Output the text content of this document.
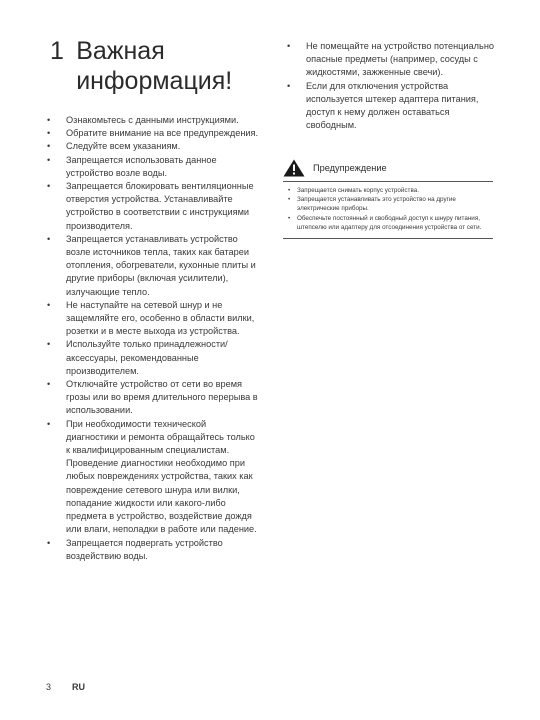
1 Важная информация!
• Ознакомьтесь с данными инструкциями.
• Обратите внимание на все предупреждения.
• Следуйте всем указаниям.
• Запрещается использовать данное устройство возле воды.
• Запрещается блокировать вентиляционные отверстия устройства. Устанавливайте устройство в соответствии с инструкциями производителя.
• Запрещается устанавливать устройство возле источников тепла, таких как батареи отопления, обогреватели, кухонные плиты и другие приборы (включая усилители), излучающие тепло.
• Не наступайте на сетевой шнур и не защемляйте его, особенно в области вилки, розетки и в месте выхода из устройства.
• Используйте только принадлежности/аксессуары, рекомендованные производителем.
• Отключайте устройство от сети во время грозы или во время длительного перерыва в использовании.
• При необходимости технической диагностики и ремонта обращайтесь только к квалифицированным специалистам. Проведение диагностики необходимо при любых повреждениях устройства, таких как повреждение сетевого шнура или вилки, попадание жидкости или какого-либо предмета в устройство, воздействие дождя или влаги, неполадки в работе или падение.
• Запрещается подвергать устройство воздействию воды.
• Не помещайте на устройство потенциально опасные предметы (например, сосуды с жидкостями, зажженные свечи).
• Если для отключения устройства используется штекер адаптера питания, доступ к нему должен оставаться свободным.
Предупреждение
• Запрещается снимать корпус устройства.
• Запрещается устанавливать это устройство на другие электрические приборы.
• Обеспечьте постоянный и свободный доступ к шнуру питания, штепселю или адаптеру для отсоединения устройства от сети.
3	RU
